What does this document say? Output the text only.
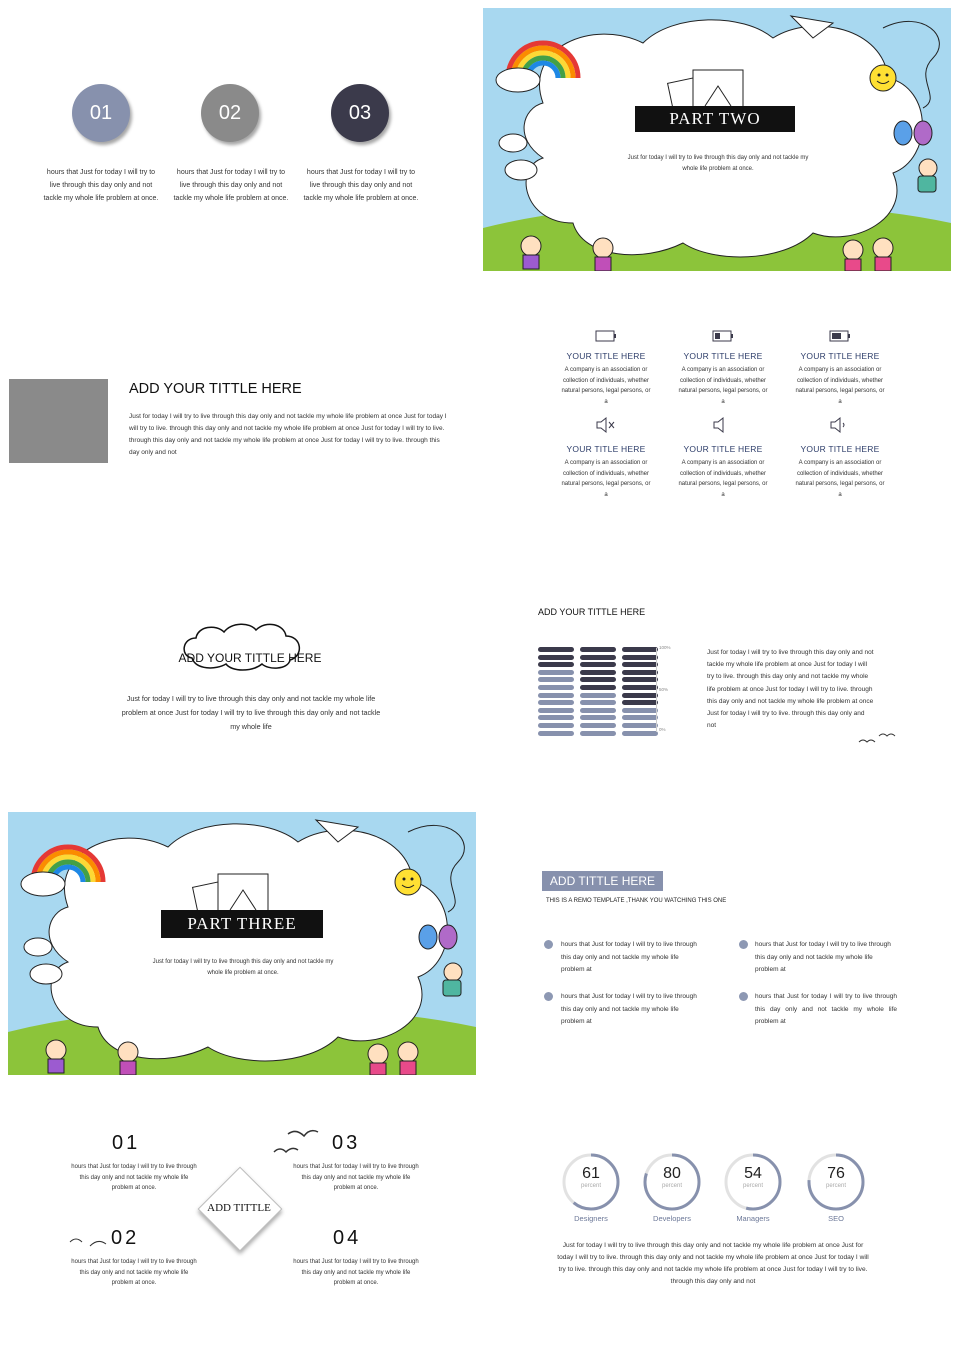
01	02	03
hours that Just for today I will try to live through this day only and not tackle my whole life problem at once.
hours that Just for today I will try to live through this day only and not tackle my whole life problem at once.
hours that Just for today I will try to live through this day only and not tackle my whole life problem at once.
PART TWO
Just for today I will try to live through this day only and not tackle my whole life problem at once.
ADD YOUR TITTLE HERE
Just for today I will try to live through this day only and not tackle my whole life problem at once Just for today I will try to live. through this day only and not tackle my whole life problem at once Just for today I will try to live. through this day only and not tackle my whole life problem at once Just for today I will try to live. through this day only and not
YOUR TITLE HERE	YOUR TITLE HERE	YOUR TITLE HERE
A company is an association or collection of individuals, whether natural persons, legal persons, or a
A company is an association or collection of individuals, whether natural persons, legal persons, or a
A company is an association or collection of individuals, whether natural persons, legal persons, or a
YOUR TITLE HERE	YOUR TITLE HERE	YOUR TITLE HERE
A company is an association or collection of individuals, whether natural persons, legal persons, or a
A company is an association or collection of individuals, whether natural persons, legal persons, or a
A company is an association or collection of individuals, whether natural persons, legal persons, or a
ADD YOUR TITTLE HERE
Just for today I will try to live through this day only and not tackle my whole life problem at once Just for today I will try to live through this day only and not tackle my whole life
ADD YOUR TITTLE HERE
100%
50%
0%
Just for today I will try to live through this day only and not tackle my whole life problem at once Just for today I will try to live. through this day only and not tackle my whole life problem at once Just for today I will try to live. through this day only and not tackle my whole life problem at once Just for today I will try to live. through this day only and not
PART THREE
Just for today I will try to live through this day only and not tackle my whole life problem at once.
ADD TITTLE HERE
THIS IS A REMO TEMPLATE ,THANK YOU WATCHING THIS ONE
hours that Just for today I will try to live through this day only and not tackle my whole life problem at
hours that Just for today I will try to live through this day only and not tackle my whole life problem at
hours that Just for today I will try to live through this day only and not tackle my whole life problem at
hours that Just for today I will try to live through this day only and not tackle my whole life problem at
01	03
02	04
hours that Just for today I will try to live through this day only and not tackle my whole life problem at once.
hours that Just for today I will try to live through this day only and not tackle my whole life problem at once.
hours that Just for today I will try to live through this day only and not tackle my whole life problem at once.
hours that Just for today I will try to live through this day only and not tackle my whole life problem at once.
ADD TITTLE
61
percent
Designers
80
percent
Developers
54
percent
Managers
76
percent
SEO
Just for today I will try to live through this day only and not tackle my whole life problem at once Just for today I will try to live. through this day only and not tackle my whole life problem at once Just for today I will try to live. through this day only and not tackle my whole life problem at once Just for today I will try to live. through this day only and not
